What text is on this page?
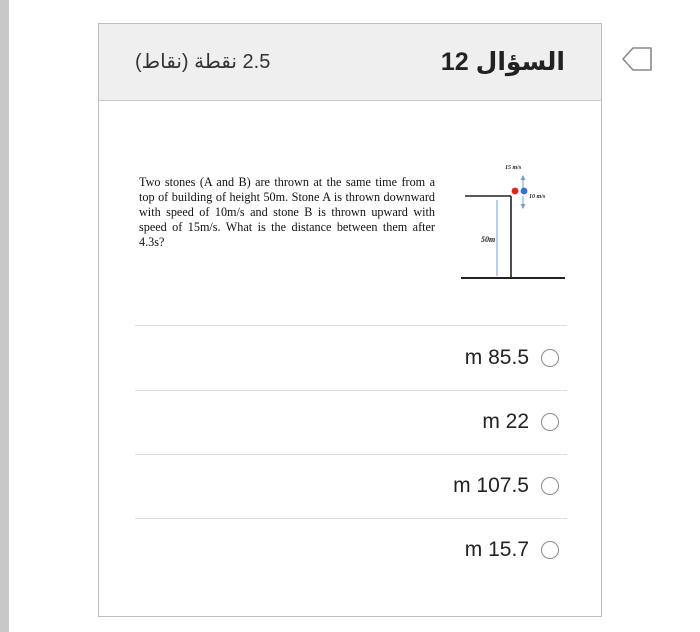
السؤال 12
2.5 نقطة (نقاط)
Two stones (A and B) are thrown at the same time from a top of building of height 50m. Stone A is thrown downward with speed of 10m/s and stone B is thrown upward with speed of 15m/s. What is the distance between them after 4.3s?	50m
15 m/s
10 m/s
m 85.5
m 22
m 107.5
m 15.7
